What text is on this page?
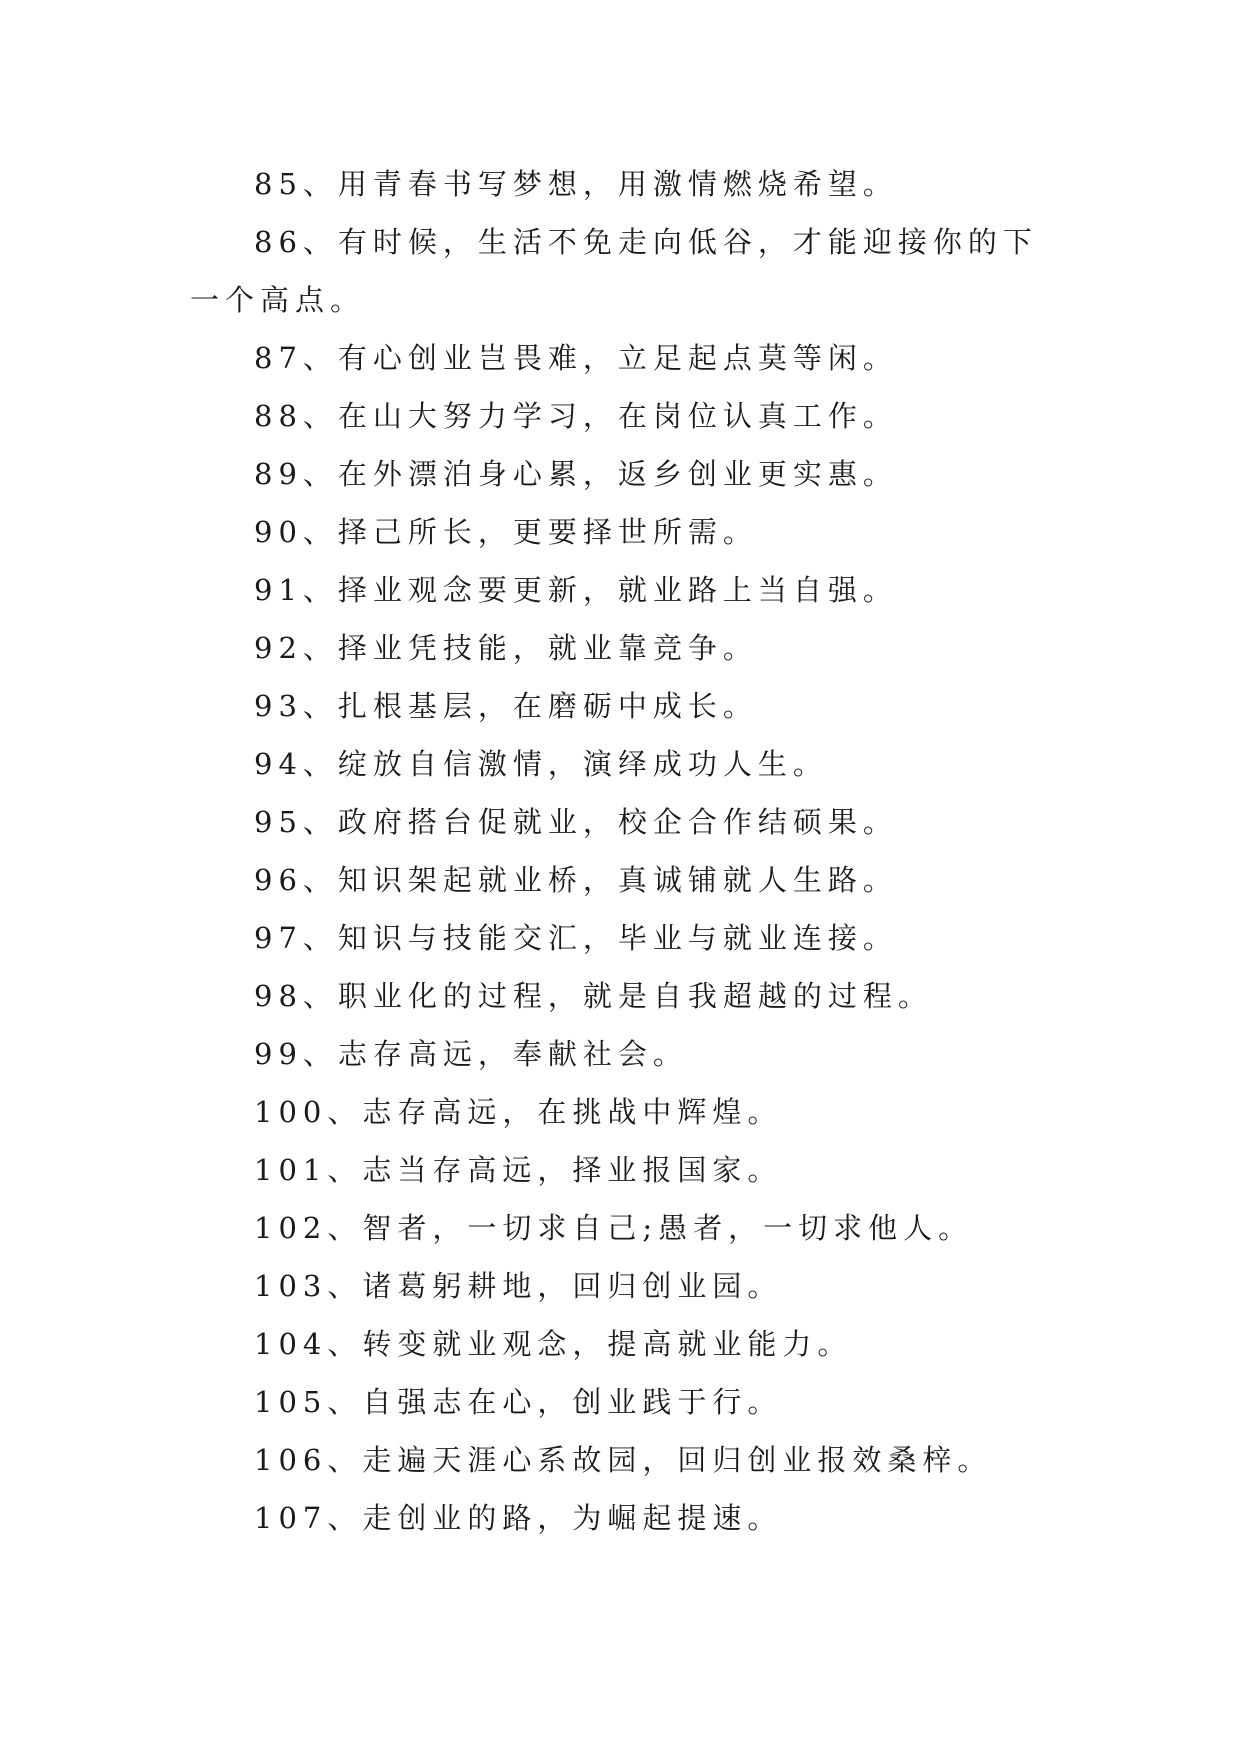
85、用青春书写梦想，用激情燃烧希望。

86、有时候，生活不免走向低谷，才能迎接你的下一个高点。

87、有心创业岂畏难，立足起点莫等闲。

88、在山大努力学习，在岗位认真工作。

89、在外漂泊身心累，返乡创业更实惠。

90、择己所长，更要择世所需。

91、择业观念要更新，就业路上当自强。

92、择业凭技能，就业靠竞争。

93、扎根基层，在磨砺中成长。

94、绽放自信激情，演绎成功人生。

95、政府搭台促就业，校企合作结硕果。

96、知识架起就业桥，真诚铺就人生路。

97、知识与技能交汇，毕业与就业连接。

98、职业化的过程，就是自我超越的过程。

99、志存高远，奉献社会。

100、志存高远，在挑战中辉煌。

101、志当存高远，择业报国家。

102、智者，一切求自己;愚者，一切求他人。

103、诸葛躬耕地，回归创业园。

104、转变就业观念，提高就业能力。

105、自强志在心，创业践于行。

106、走遍天涯心系故园，回归创业报效桑梓。

107、走创业的路，为崛起提速。
